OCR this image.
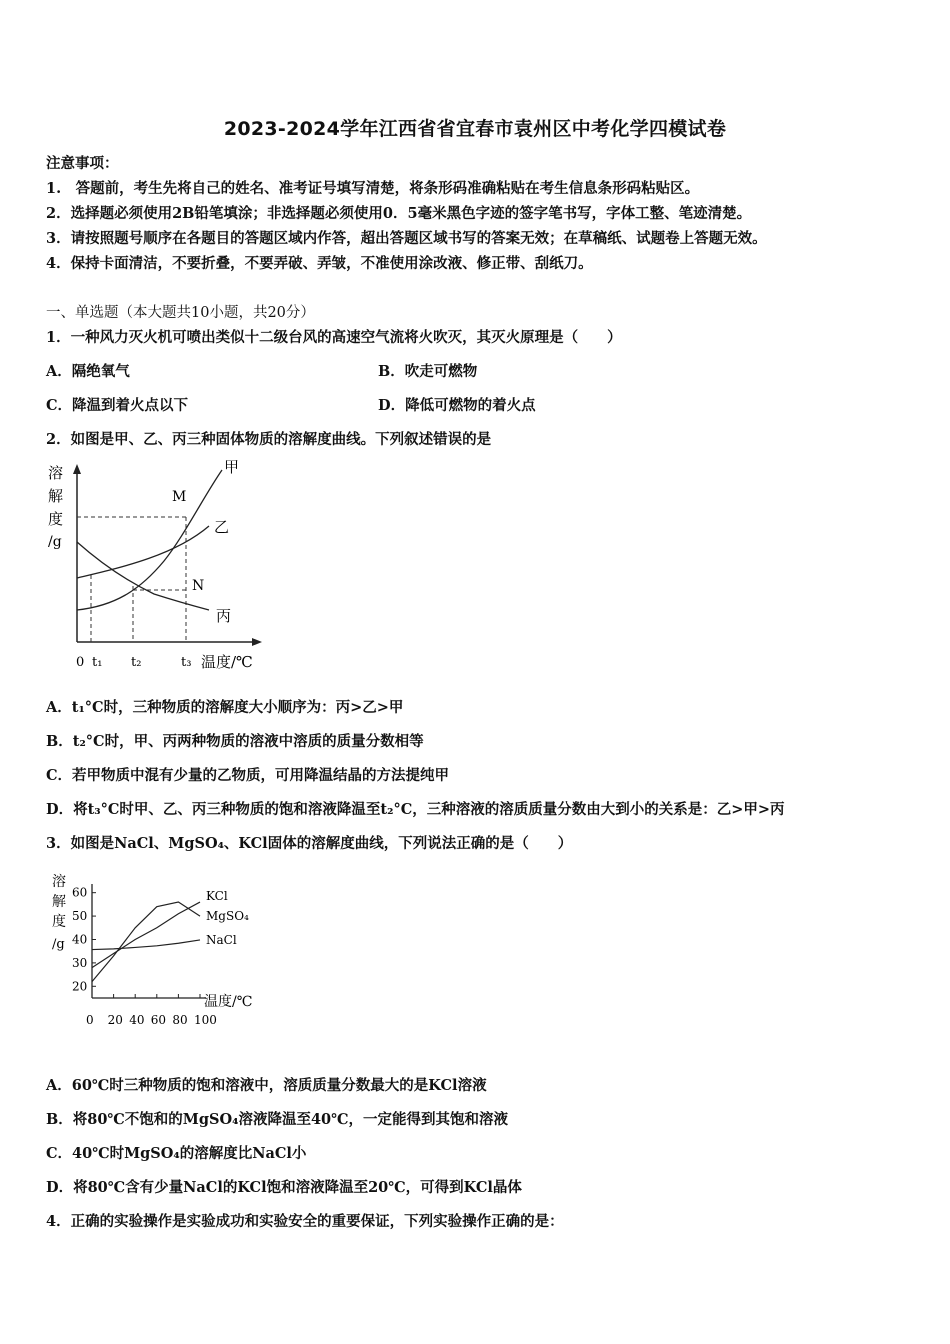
2023-2024学年江西省省宜春市袁州区中考化学四模试卷
注意事项：
1.　答题前，考生先将自己的姓名、准考证号填写清楚，将条形码准确粘贴在考生信息条形码粘贴区。
2．选择题必须使用2B铅笔填涂；非选择题必须使用0．5毫米黑色字迹的签字笔书写，字体工整、笔迹清楚。
3．请按照题号顺序在各题目的答题区域内作答，超出答题区域书写的答案无效；在草稿纸、试题卷上答题无效。
4．保持卡面清洁，不要折叠，不要弄破、弄皱，不准使用涂改液、修正带、刮纸刀。
一、单选题（本大题共10小题，共20分）
1．一种风力灭火机可喷出类似十二级台风的高速空气流将火吹灭，其灭火原理是（　　）
A．隔绝氧气	B．吹走可燃物
C．降温到着火点以下	D．降低可燃物的着火点
2．如图是甲、乙、丙三种固体物质的溶解度曲线。下列叙述错误的是
溶
解
度
/g
甲
乙
丙
M
N
0 t₁ t₂	t₃ 温度/℃
A．t₁°C时，三种物质的溶解度大小顺序为：丙>乙>甲
B．t₂°C时，甲、丙两种物质的溶液中溶质的质量分数相等
C．若甲物质中混有少量的乙物质，可用降温结晶的方法提纯甲
D．将t₃°C时甲、乙、丙三种物质的饱和溶液降温至t₂°C，三种溶液的溶质质量分数由大到小的关系是：乙>甲>丙
3．如图是NaCl、MgSO₄、KCl固体的溶解度曲线，下列说法正确的是（　　）
溶
解
度
/g
20
30
40
50
60
0 20 40 60 80 100
KCl
MgSO₄
NaCl
温度/℃
A．60℃时三种物质的饱和溶液中，溶质质量分数最大的是KCl溶液
B．将80℃不饱和的MgSO₄溶液降温至40℃，一定能得到其饱和溶液
C．40℃时MgSO₄的溶解度比NaCl小
D．将80℃含有少量NaCl的KCl饱和溶液降温至20℃，可得到KCl晶体
4．正确的实验操作是实验成功和实验安全的重要保证，下列实验操作正确的是：
